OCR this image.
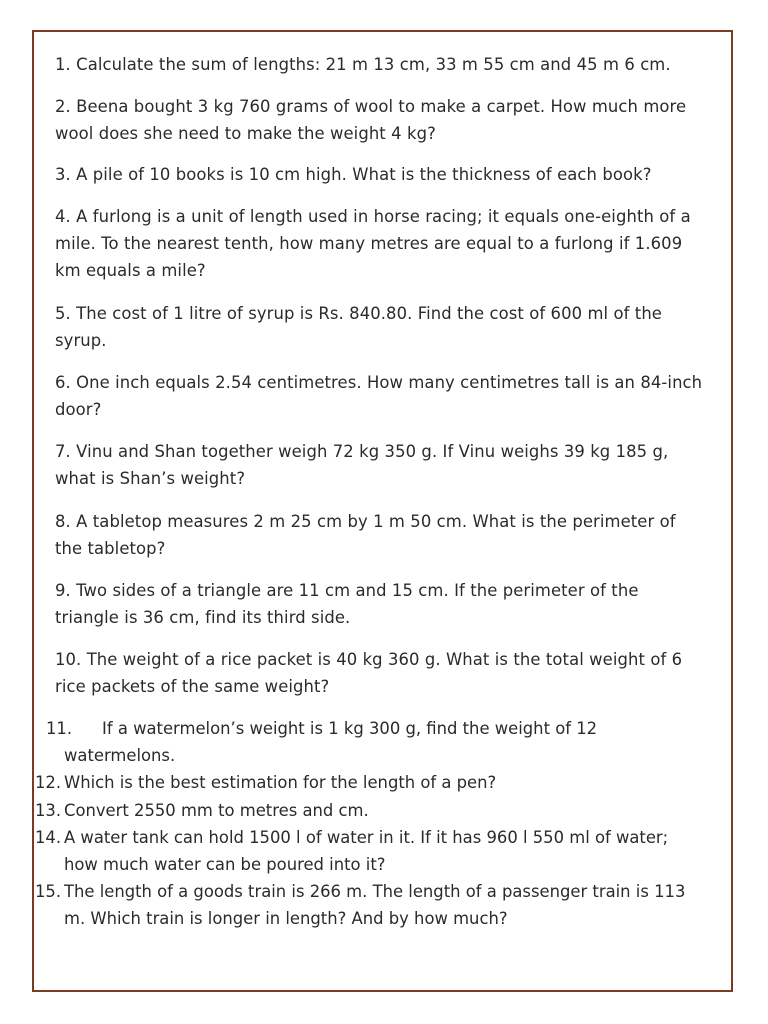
1. Calculate the sum of lengths: 21 m 13 cm, 33 m 55 cm and 45 m 6 cm.

2. Beena bought 3 kg 760 grams of wool to make a carpet. How much more wool does she need to make the weight 4 kg?

3. A pile of 10 books is 10 cm high. What is the thickness of each book?

4. A furlong is a unit of length used in horse racing; it equals one-eighth of a mile. To the nearest tenth, how many metres are equal to a furlong if 1.609 km equals a mile?

5. The cost of 1 litre of syrup is Rs. 840.80. Find the cost of 600 ml of the syrup.

6. One inch equals 2.54 centimetres. How many centimetres tall is an 84-inch door?

7. Vinu and Shan together weigh 72 kg 350 g. If Vinu weighs 39 kg 185 g, what is Shan’s weight?

8. A tabletop measures 2 m 25 cm by 1 m 50 cm. What is the perimeter of the tabletop?

9. Two sides of a triangle are 11 cm and 15 cm. If the perimeter of the triangle is 36 cm, find its third side.

10. The weight of a rice packet is 40 kg 360 g. What is the total weight of 6 rice packets of the same weight?

11.	If a watermelon’s weight is 1 kg 300 g, find the weight of 12 watermelons.
12. Which is the best estimation for the length of a pen?
13. Convert 2550 mm to metres and cm.
14. A water tank can hold 1500 l of water in it. If it has 960 l 550 ml of water; how much water can be poured into it?
15. The length of a goods train is 266 m. The length of a passenger train is 113 m. Which train is longer in length? And by how much?
